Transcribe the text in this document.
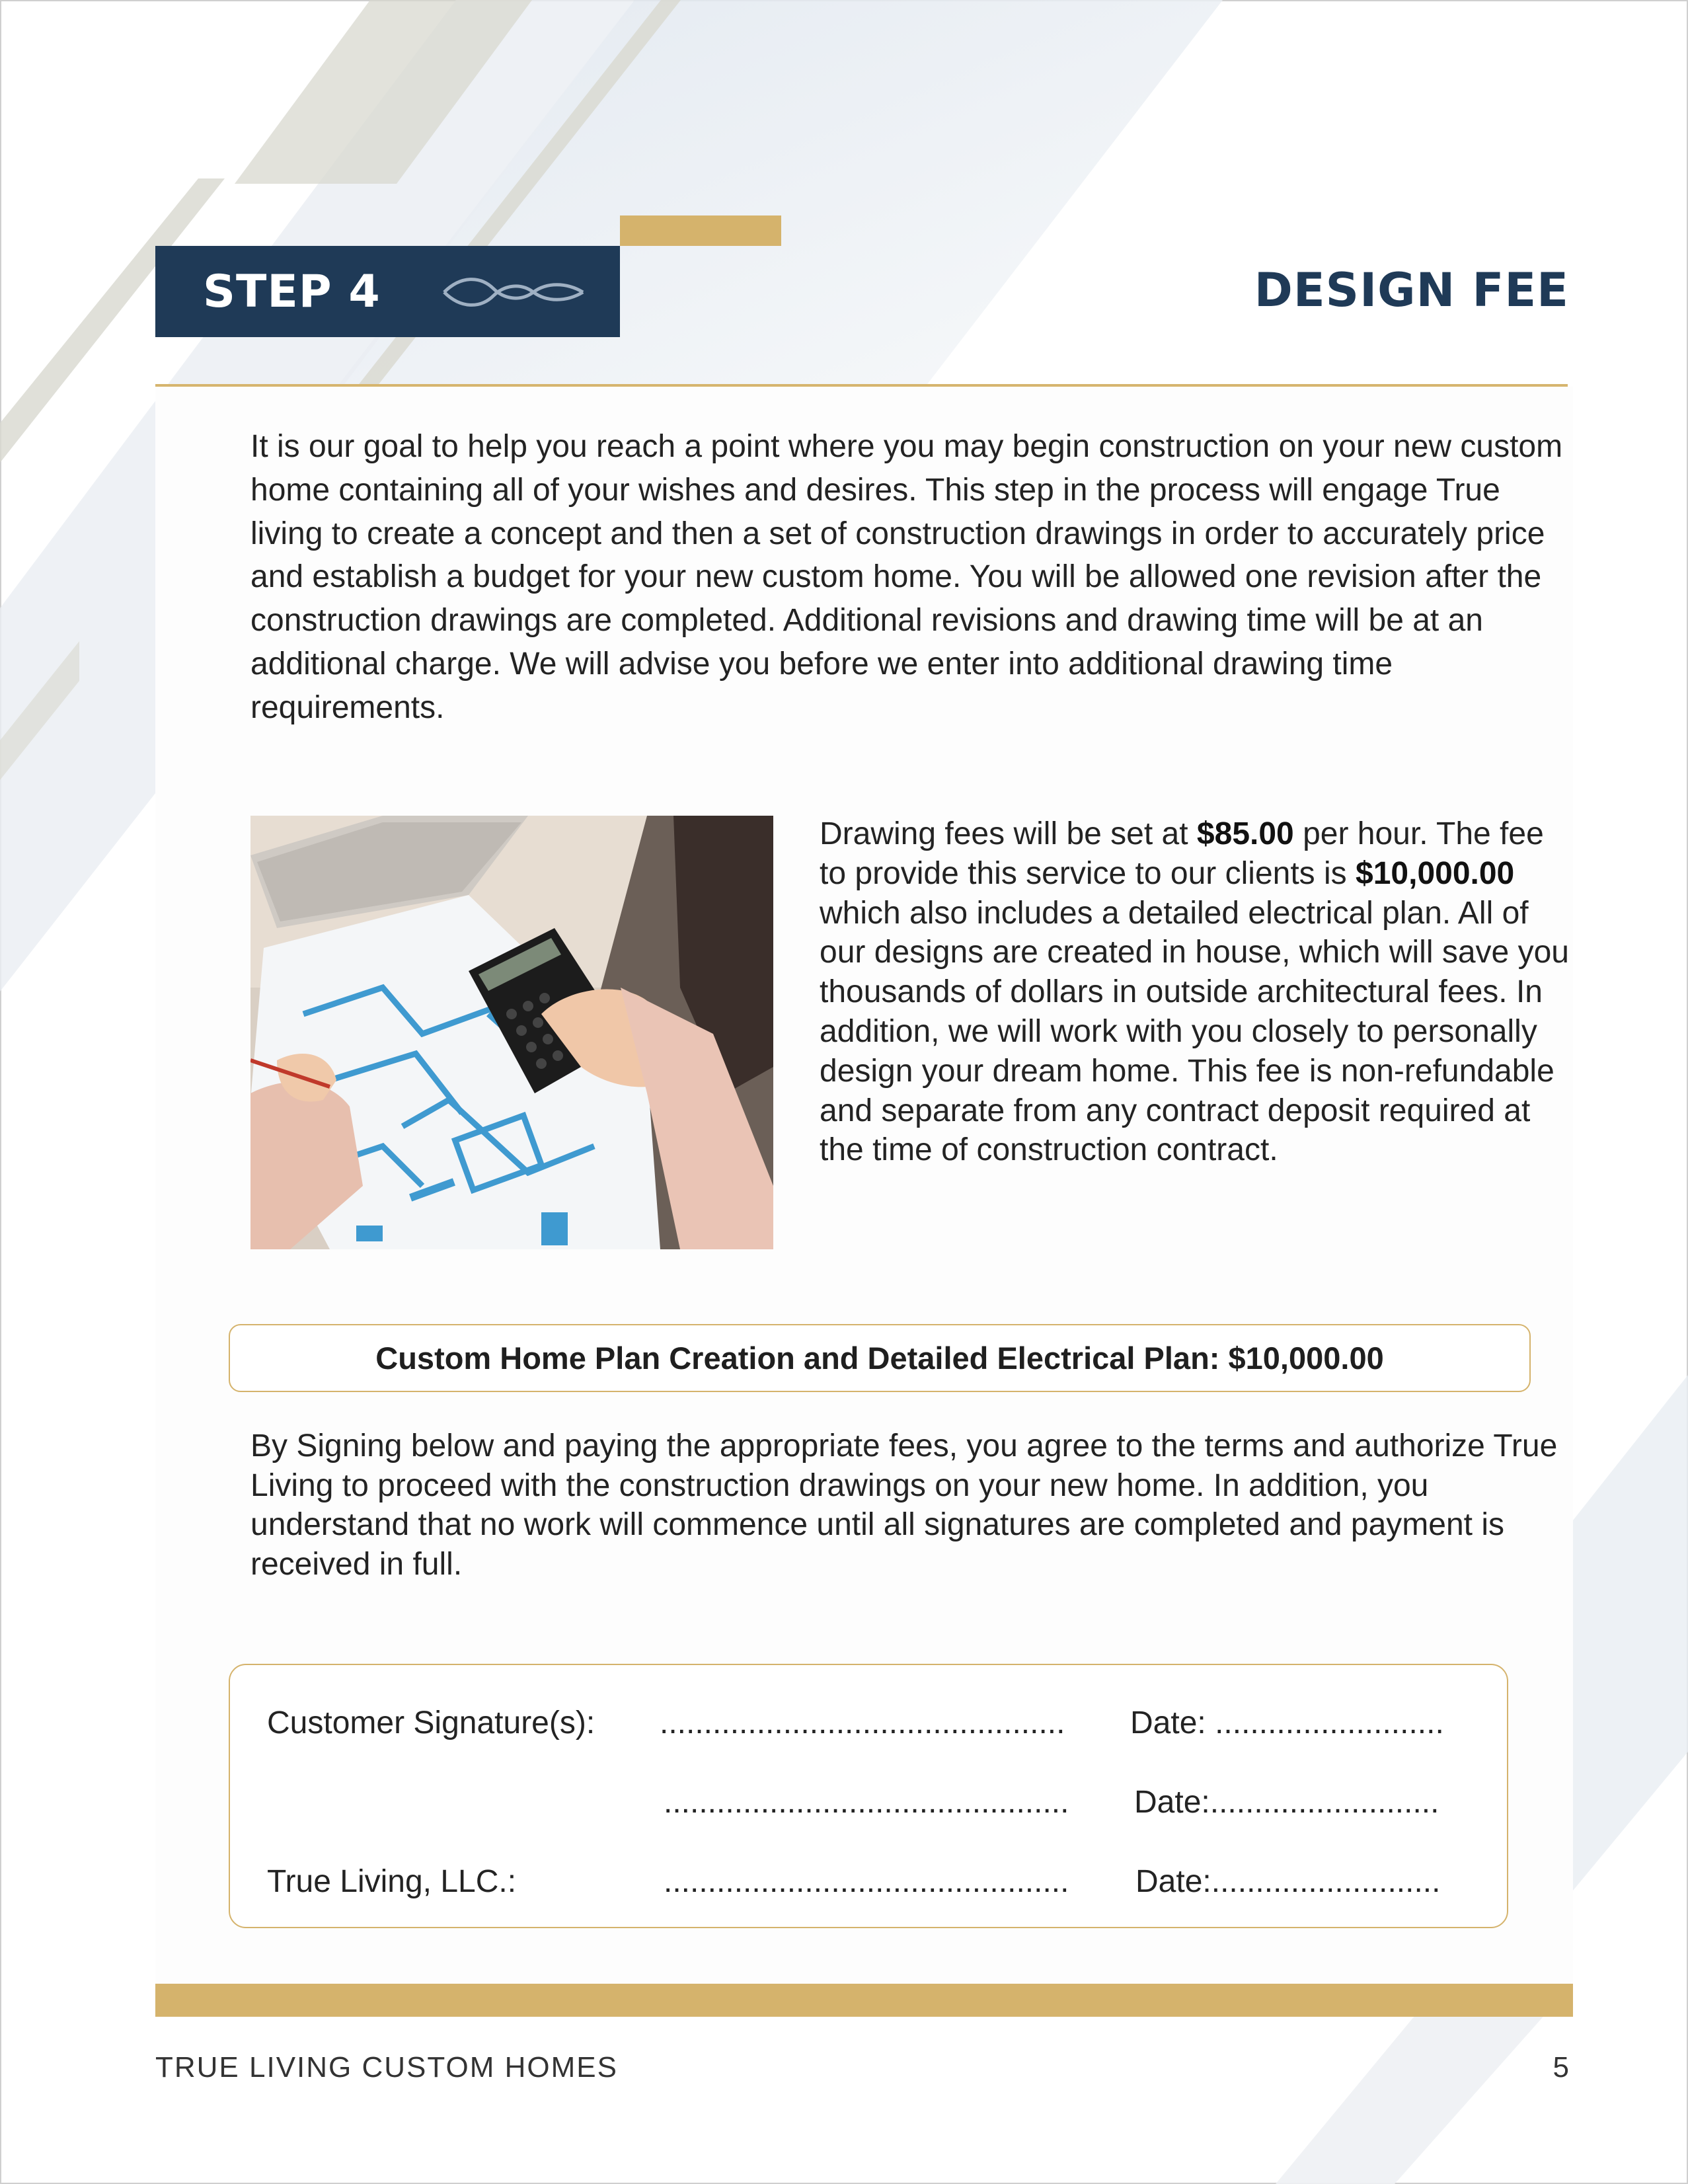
STEP 4	DESIGN FEE

It is our goal to help you reach a point where you may begin construction on your new custom home containing all of your wishes and desires. This step in the process will engage True living to create a concept and then a set of construction drawings in order to accurately price and establish a budget for your new custom home. You will be allowed one revision after the construction drawings are completed. Additional revisions and drawing time will be at an additional charge. We will advise you before we enter into additional drawing time requirements.

Drawing fees will be set at $85.00 per hour. The fee to provide this service to our clients is $10,000.00 which also includes a detailed electrical plan. All of our designs are created in house, which will save you thousands of dollars in outside architectural fees. In addition, we will work with you closely to personally design your dream home. This fee is non-refundable and separate from any contract deposit required at the time of construction contract.

Custom Home Plan Creation and Detailed Electrical Plan: $10,000.00

By Signing below and paying the appropriate fees, you agree to the terms and authorize True Living to proceed with the construction drawings on your new home. In addition, you understand that no work will commence until all signatures are completed and payment is received in full.

Customer Signature(s): .............................................. Date: ..........................
.............................................. Date:..........................
True Living, LLC.:	.............................................. Date:..........................
TRUE LIVING CUSTOM HOMES	5
